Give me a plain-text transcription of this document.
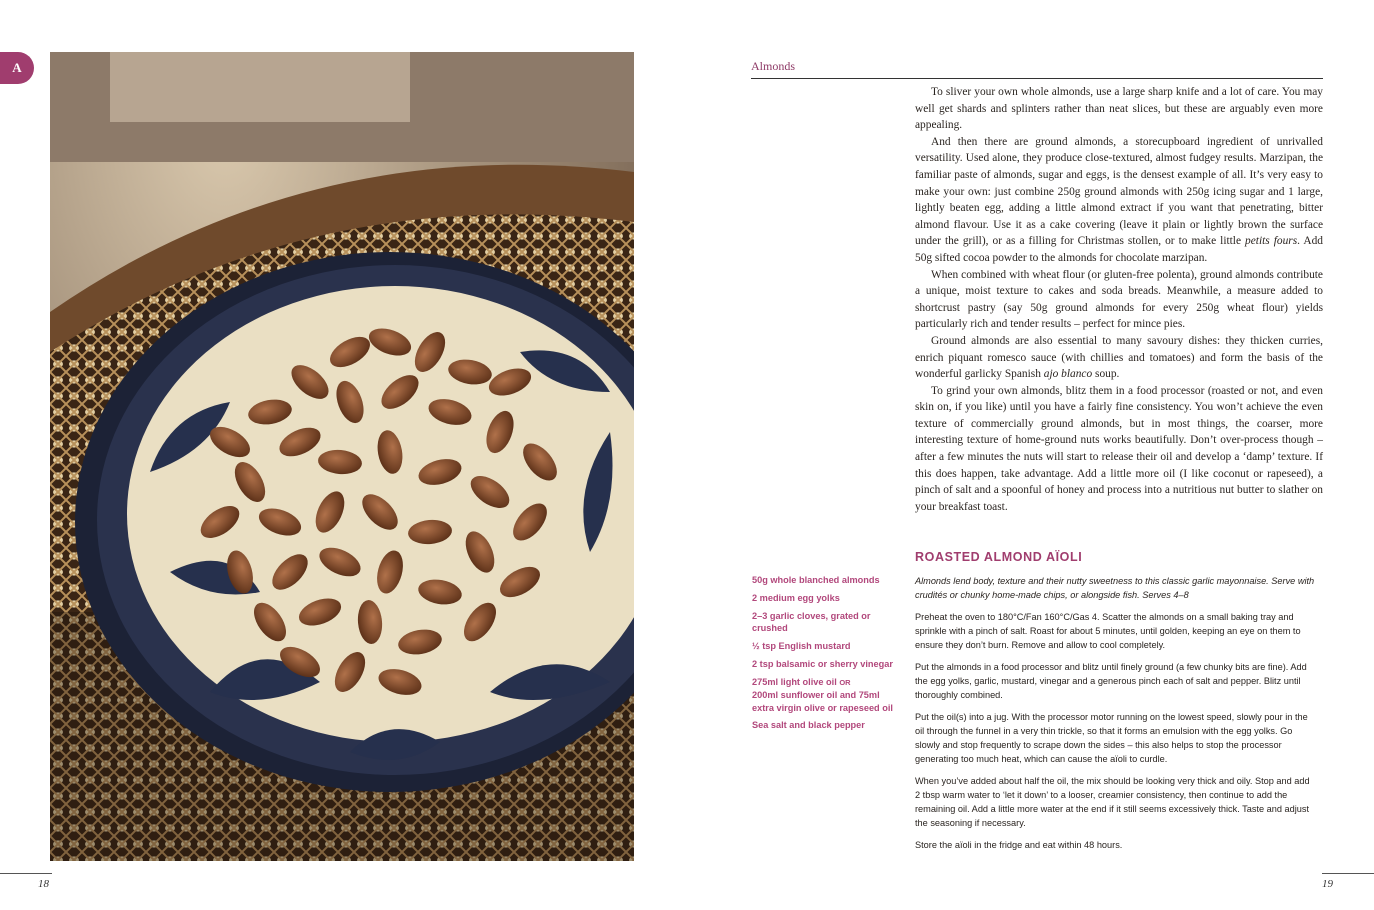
A
18	19
Almonds

To sliver your own whole almonds, use a large sharp knife and a lot of care. You may well get shards and splinters rather than neat slices, but these are arguably even more appealing.

And then there are ground almonds, a storecupboard ingredient of unrivalled versatility. Used alone, they produce close-textured, almost fudgey results. Marzipan, the familiar paste of almonds, sugar and eggs, is the densest example of all. It’s very easy to make your own: just combine 250g ground almonds with 250g icing sugar and 1 large, lightly beaten egg, adding a little almond extract if you want that penetrating, bitter almond flavour. Use it as a cake covering (leave it plain or lightly brown the surface under the grill), or as a filling for Christmas stollen, or to make little petits fours. Add 50g sifted cocoa powder to the almonds for chocolate marzipan.

When combined with wheat flour (or gluten-free polenta), ground almonds contribute a unique, moist texture to cakes and soda breads. Meanwhile, a measure added to shortcrust pastry (say 50g ground almonds for every 250g wheat flour) yields particularly rich and tender results – perfect for mince pies.

Ground almonds are also essential to many savoury dishes: they thicken curries, enrich piquant romesco sauce (with chillies and tomatoes) and form the basis of the wonderful garlicky Spanish ajo blanco soup.

To grind your own almonds, blitz them in a food processor (roasted or not, and even skin on, if you like) until you have a fairly fine consistency. You won’t achieve the even texture of commercially ground almonds, but in most things, the coarser, more interesting texture of home-ground nuts works beautifully. Don’t over-process though – after a few minutes the nuts will start to release their oil and develop a ‘damp’ texture. If this does happen, take advantage. Add a little more oil (I like coconut or rapeseed), a pinch of salt and a spoonful of honey and process into a nutritious nut butter to slather on your breakfast toast.

ROASTED ALMOND AÏOLI
50g whole blanched almonds
2 medium egg yolks
2–3 garlic cloves, grated or crushed
½ tsp English mustard
2 tsp balsamic or sherry vinegar
275ml light olive oil OR
200ml sunflower oil and 75ml extra virgin olive or rapeseed oil
Sea salt and black pepper

Almonds lend body, texture and their nutty sweetness to this classic garlic mayonnaise. Serve with crudités or chunky home-made chips, or alongside fish. Serves 4–8

Preheat the oven to 180°C/Fan 160°C/Gas 4. Scatter the almonds on a small baking tray and sprinkle with a pinch of salt. Roast for about 5 minutes, until golden, keeping an eye on them to ensure they don’t burn. Remove and allow to cool completely.

Put the almonds in a food processor and blitz until finely ground (a few chunky bits are fine). Add the egg yolks, garlic, mustard, vinegar and a generous pinch each of salt and pepper. Blitz until thoroughly combined.

Put the oil(s) into a jug. With the processor motor running on the lowest speed, slowly pour in the oil through the funnel in a very thin trickle, so that it forms an emulsion with the egg yolks. Go slowly and stop frequently to scrape down the sides – this also helps to stop the processor generating too much heat, which can cause the aïoli to curdle.

When you’ve added about half the oil, the mix should be looking very thick and oily. Stop and add 2 tbsp warm water to ‘let it down’ to a looser, creamier consistency, then continue to add the remaining oil. Add a little more water at the end if it still seems excessively thick. Taste and adjust the seasoning if necessary.

Store the aïoli in the fridge and eat within 48 hours.
